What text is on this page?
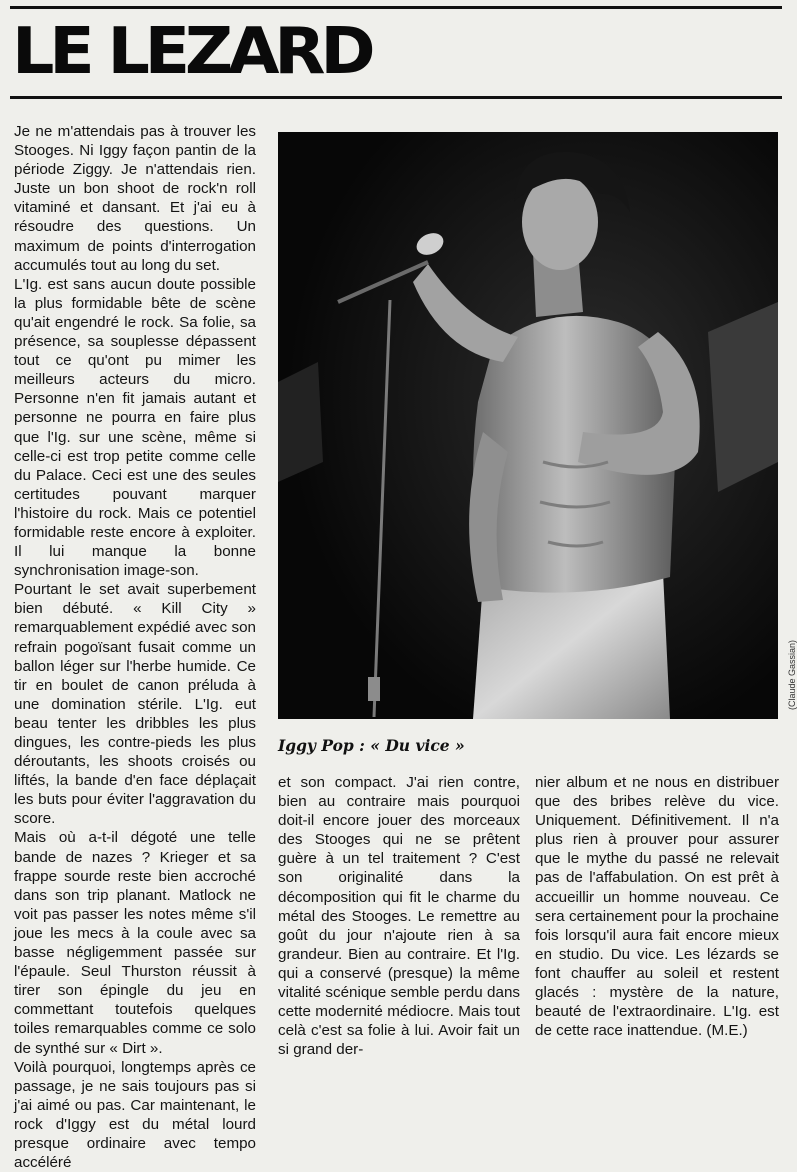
LE LEZARD

Je ne m'attendais pas à trouver les Stooges. Ni Iggy façon pantin de la période Ziggy. Je n'attendais rien. Juste un bon shoot de rock'n roll vitaminé et dansant. Et j'ai eu à résoudre des questions. Un maximum de points d'interrogation accumulés tout au long du set.

L'Ig. est sans aucun doute possible la plus formidable bête de scène qu'ait engendré le rock. Sa folie, sa présence, sa souplesse dépassent tout ce qu'ont pu mimer les meilleurs acteurs du micro. Personne n'en fit jamais autant et personne ne pourra en faire plus que l'Ig. sur une scène, même si celle-ci est trop petite comme celle du Palace. Ceci est une des seules certitudes pouvant marquer l'histoire du rock. Mais ce potentiel formidable reste encore à exploiter. Il lui manque la bonne synchronisation image-son.

Pourtant le set avait superbement bien débuté. « Kill City » remarquablement expédié avec son refrain pogoïsant fusait comme un ballon léger sur l'herbe humide. Ce tir en boulet de canon préluda à une domination stérile. L'Ig. eut beau tenter les dribbles les plus dingues, les contre-pieds les plus déroutants, les shoots croisés ou liftés, la bande d'en face déplaçait les buts pour éviter l'aggravation du score.

Mais où a-t-il dégoté une telle bande de nazes ? Krieger et sa frappe sourde reste bien accroché dans son trip planant. Matlock ne voit pas passer les notes même s'il joue les mecs à la coule avec sa basse négligemment passée sur l'épaule. Seul Thurston réussit à tirer son épingle du jeu en commettant toutefois quelques toiles remarquables comme ce solo de synthé sur « Dirt ».

Voilà pourquoi, longtemps après ce passage, je ne sais toujours pas si j'ai aimé ou pas. Car maintenant, le rock d'Iggy est du métal lourd presque ordinaire avec tempo accéléré

(Claude Gassian)

Iggy Pop : « Du vice »

et son compact. J'ai rien contre, bien au contraire mais pourquoi doit-il encore jouer des morceaux des Stooges qui ne se prêtent guère à un tel traitement ? C'est son originalité dans la décomposition qui fit le charme du métal des Stooges. Le remettre au goût du jour n'ajoute rien à sa grandeur. Bien au contraire. Et l'Ig. qui a conservé (presque) la même vitalité scénique semble perdu dans cette modernité médiocre. Mais tout celà c'est sa folie à lui. Avoir fait un si grand der-

nier album et ne nous en distribuer que des bribes relève du vice. Uniquement. Définitivement. Il n'a plus rien à prouver pour assurer que le mythe du passé ne relevait pas de l'affabulation. On est prêt à accueillir un homme nouveau. Ce sera certainement pour la prochaine fois lorsqu'il aura fait encore mieux en studio. Du vice. Les lézards se font chauffer au soleil et restent glacés : mystère de la nature, beauté de l'extraordinaire. L'Ig. est de cette race inattendue. (M.E.)
